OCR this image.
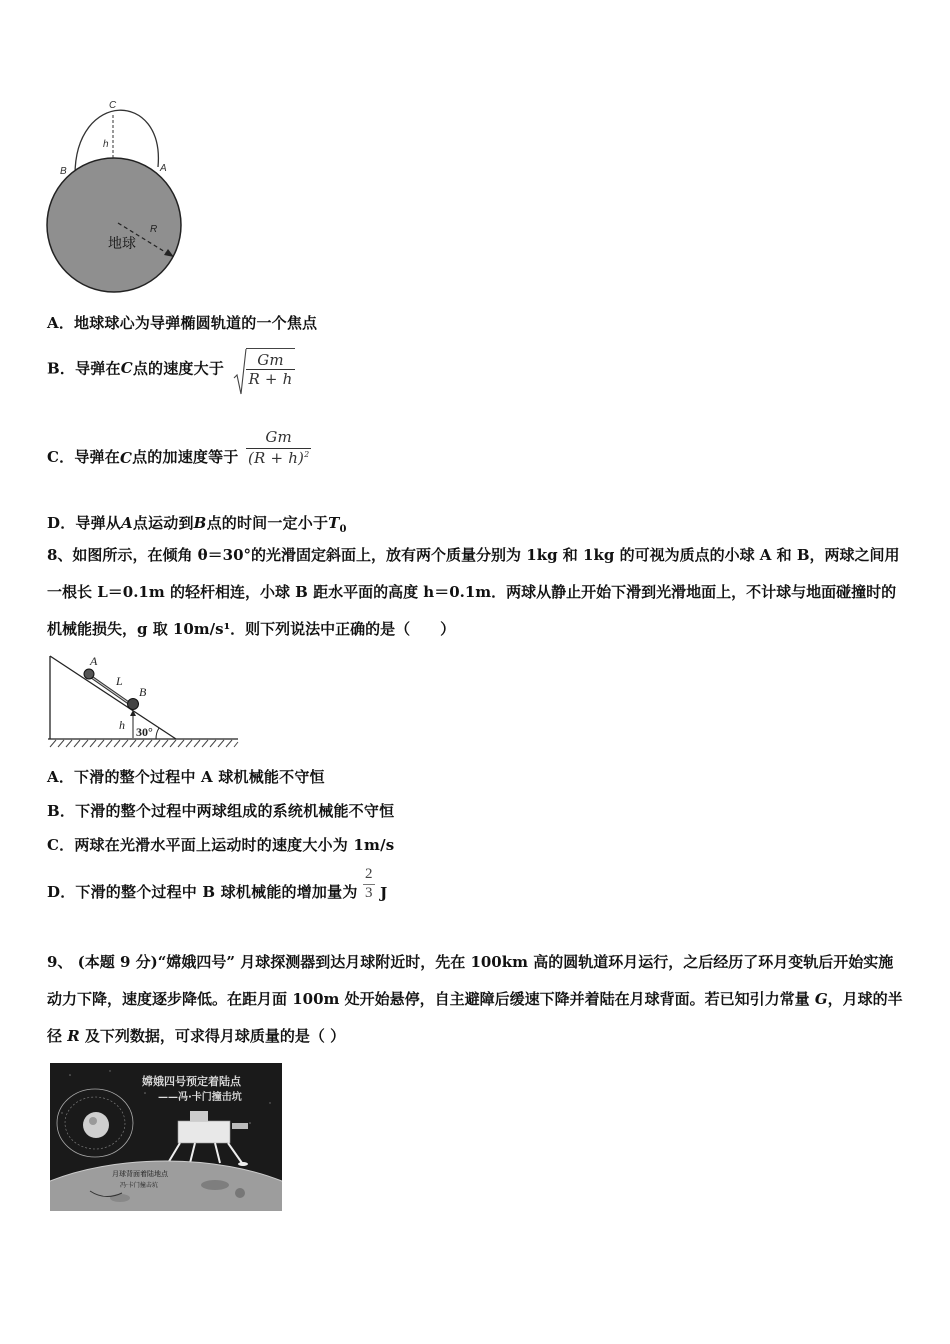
C
h
B	A
R
地球
A．地球球心为导弹椭圆轨道的一个焦点
B．导弹在C点的速度大于 $\frac{Gm}{R + h}$
C．导弹在C点的加速度等于 $\frac{Gm}{(R + h)^2}$
D．导弹从A点运动到B点的时间一定小于$T_0$
8、如图所示，在倾角 θ＝30°的光滑固定斜面上，放有两个质量分别为 1kg 和 1kg 的可视为质点的小球 A 和 B，两球之间用一根长 L＝0.1m 的轻杆相连，小球 B 距水平面的高度 h＝0.1m．两球从静止开始下滑到光滑地面上，不计球与地面碰撞时的机械能损失，g 取 10m/s¹．则下列说法中正确的是（　　）
A
L
B
h 30°
A．下滑的整个过程中 A 球机械能不守恒
B．下滑的整个过程中两球组成的系统机械能不守恒
C．两球在光滑水平面上运动时的速度大小为 1m/s
D．下滑的整个过程中 B 球机械能的增加量为 $\frac{2}{3}$ J
9、 (本题 9 分)“嫦娥四号” 月球探测器到达月球附近时，先在 100km 高的圆轨道环月运行，之后经历了环月变轨后开始实施动力下降，速度逐步降低。在距月面 100m 处开始悬停，自主避障后缓速下降并着陆在月球背面。若已知引力常量 G，月球的半径 R 及下列数据，可求得月球质量的是（ ）
嫦娥四号预定着陆点
——冯·卡门撞击坑
月球背面着陆地点
冯·卡门撞击坑
